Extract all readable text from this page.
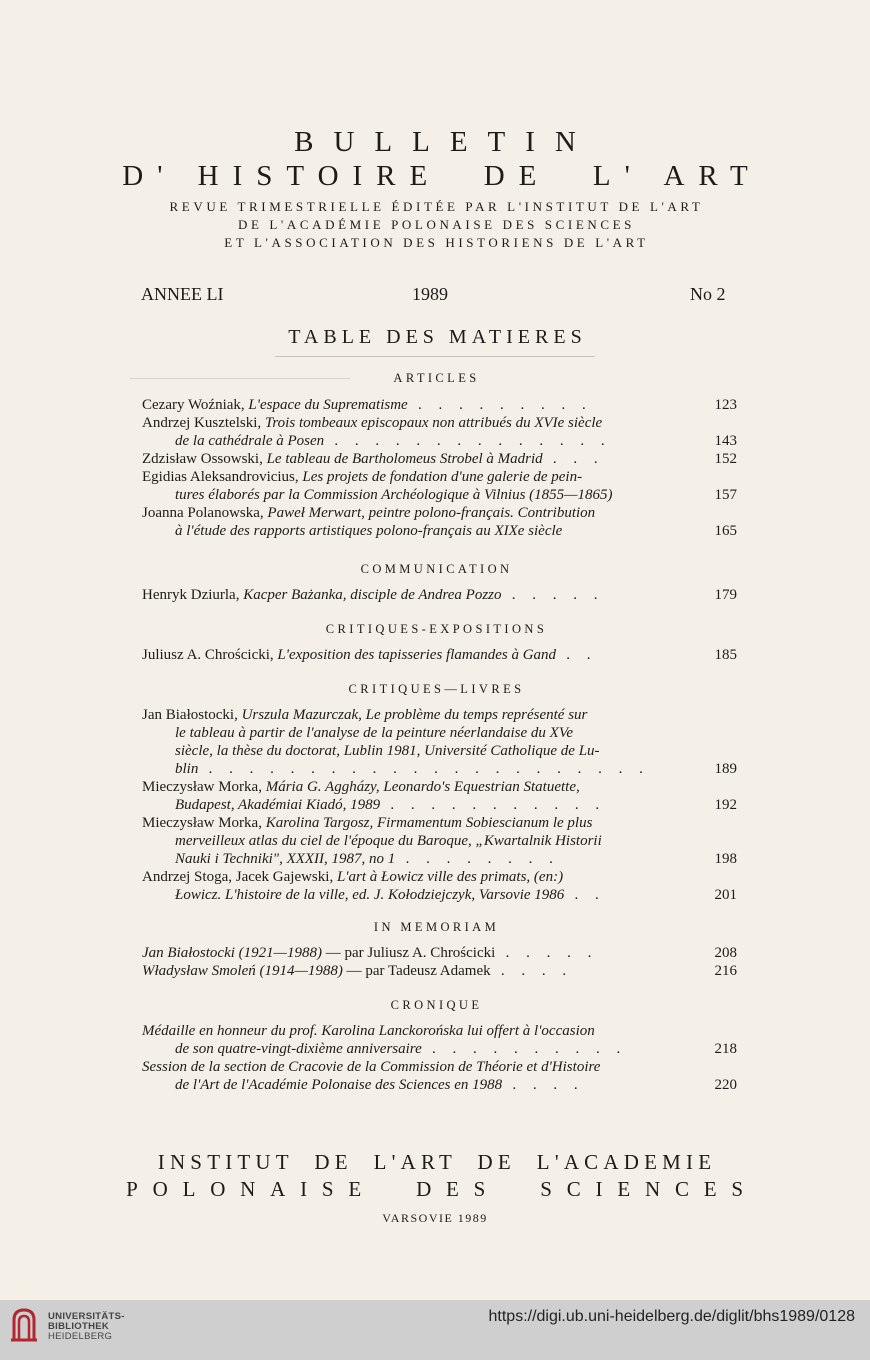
BULLETIN
D' HISTOIRE  DE  L' ART
REVUE TRIMESTRIELLE ÉDITÉE PAR L'INSTITUT DE L'ART
DE L'ACADÉMIE POLONAISE DES SCIENCES
ET L'ASSOCIATION DES HISTORIENS DE L'ART
ANNEE LI	1989	No 2
TABLE DES MATIERES
ARTICLES
Cezary Woźniak, L'espace du Suprematisme . . . . . . . . .	123
Andrzej Kusztelski, Trois tombeaux episcopaux non attribués du XVIe siècle
de la cathédrale à Posen . . . . . . . . . . . . . .	143
Zdzisław Ossowski, Le tableau de Bartholomeus Strobel à Madrid . . .	152
Egidias Aleksandrovicius, Les projets de fondation d'une galerie de pein-
tures élaborés par la Commission Archéologique à Vilnius (1855—1865)	157
Joanna Polanowska, Paweł Merwart, peintre polono-français. Contribution
à l'étude des rapports artistiques polono-français au XIXe siècle	165
COMMUNICATION
Henryk Dziurla, Kacper Bażanka, disciple de Andrea Pozzo . . . . .	179
CRITIQUES-EXPOSITIONS
Juliusz A. Chrościcki, L'exposition des tapisseries flamandes à Gand . .	185
CRITIQUES—LIVRES
Jan Białostocki, Urszula Mazurczak, Le problème du temps représenté sur
le tableau à partir de l'analyse de la peinture néerlandaise du XVe
siècle, la thèse du doctorat, Lublin 1981, Université Catholique de Lu-
blin . . . . . . . . . . . . . . . . . . . . . .	189
Mieczysław Morka, Mária G. Aggházy, Leonardo's Equestrian Statuette,
Budapest, Akadémiai Kiadó, 1989 . . . . . . . . . . .	192
Mieczysław Morka, Karolina Targosz, Firmamentum Sobiescianum le plus
merveilleux atlas du ciel de l'époque du Baroque, „Kwartalnik Historii
Nauki i Techniki", XXXII, 1987, no 1 . . . . . . . .	198
Andrzej Stoga, Jacek Gajewski, L'art à Łowicz ville des primats, (en:)
Łowicz. L'histoire de la ville, ed. J. Kołodziejczyk, Varsovie 1986 . .	201
IN MEMORIAM
Jan Białostocki (1921—1988) — par Juliusz A. Chrościcki . . . . .	208
Władysław Smoleń (1914—1988) — par Tadeusz Adamek . . . .	216
CRONIQUE
Médaille en honneur du prof. Karolina Lanckorońska lui offert à l'occasion
de son quatre-vingt-dixième anniversaire . . . . . . . . . .	218
Session de la section de Cracovie de la Commission de Théorie et d'Histoire
de l'Art de l'Académie Polonaise des Sciences en 1988 . . . .	220
INSTITUT  DE  L'ART  DE  L'ACADEMIE
POLONAISE  DES  SCIENCES
VARSOVIE 1989
UNIVERSITÄTS-
BIBLIOTHEK
HEIDELBERG
https://digi.ub.uni-heidelberg.de/diglit/bhs1989/0128
